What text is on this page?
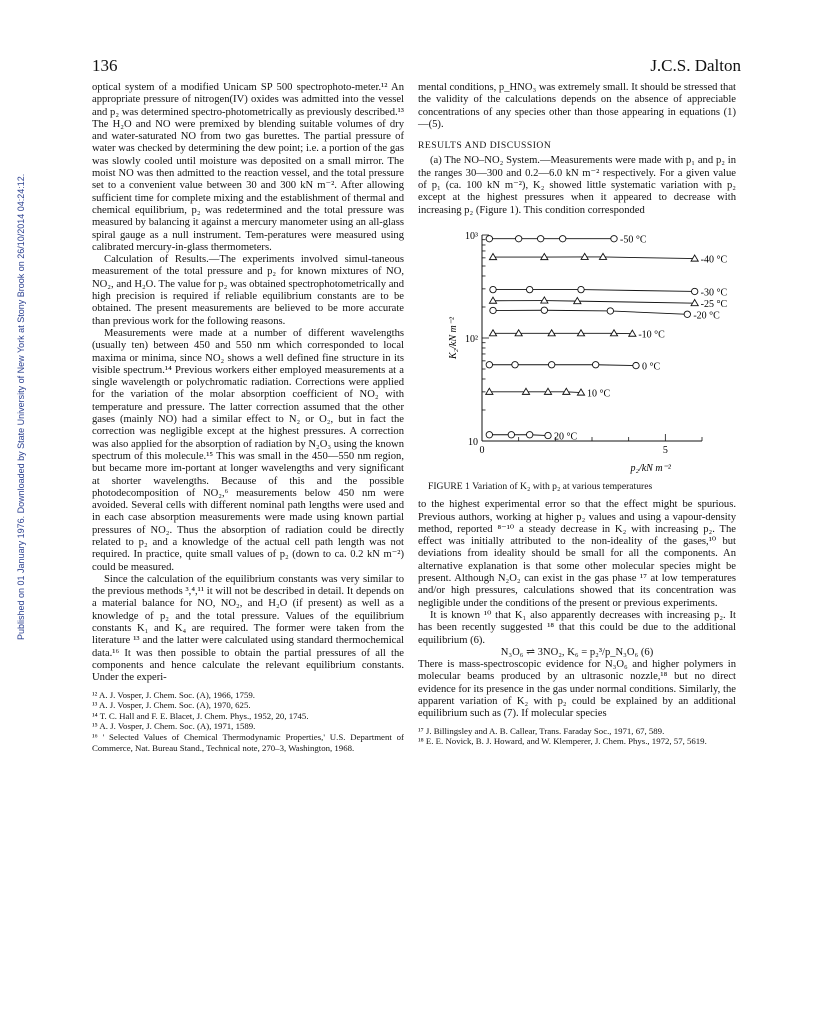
136	J.C.S. Dalton
Published on 01 January 1976. Downloaded by State University of New York at Stony Brook on 26/10/2014 04:24:12.

optical system of a modified Unicam SP 500 spectrophoto-meter.¹² An appropriate pressure of nitrogen(IV) oxides was admitted into the vessel and p₂ was determined spectro-photometrically as previously described.¹³ The H₂O and NO were premixed by blending suitable volumes of dry and water-saturated NO from two gas burettes. The partial pressure of water was checked by determining the dew point; i.e. a portion of the gas was slowly cooled until moisture was deposited on a small mirror. The moist NO was then admitted to the reaction vessel, and the total pressure set to a convenient value between 30 and 300 kN m⁻². After allowing sufficient time for complete mixing and the establishment of thermal and chemical equilibrium, p₂ was redetermined and the total pressure was measured by balancing it against a mercury manometer using an all-glass spiral gauge as a null instrument. Tem-peratures were measured using calibrated mercury-in-glass thermometers.

Calculation of Results.—The experiments involved simul-taneous measurement of the total pressure and p₂ for known mixtures of NO, NO₂, and H₂O. The value for p₂ was obtained spectrophotometrically and high precision is required if reliable equilibrium constants are to be obtained. The present measurements are believed to be more accurate than previous work for the following reasons.

Measurements were made at a number of different wavelengths (usually ten) between 450 and 550 nm which corresponded to local maxima or minima, since NO₂ shows a well defined fine structure in its visible spectrum.¹⁴ Previous workers either employed measurements at a single wavelength or polychromatic radiation. Corrections were applied for the variation of the molar absorption coefficient of NO₂ with temperature and pressure. The latter correction assumed that the other gases (mainly NO) had a similar effect to N₂ or O₂, but in fact the correction was negligible except at the highest pressures. A correction was also applied for the absorption of radiation by N₂O₃ using the known spectrum of this molecule.¹⁵ This was small in the 450—550 nm region, but became more im-portant at longer wavelengths and very significant at shorter wavelengths. Because of this and the possible photodecomposition of NO₂,⁶ measurements below 450 nm were avoided. Several cells with different nominal path lengths were used and in each case absorption measurements were made using known partial pressures of NO₂. Thus the absorption of radiation could be directly related to p₂ and a knowledge of the actual cell path length was not required. In practice, quite small values of p₂ (down to ca. 0.2 kN m⁻²) could be measured.

Since the calculation of the equilibrium constants was very similar to the previous methods ³,⁴,¹¹ it will not be described in detail. It depends on a material balance for NO, NO₂, and H₂O (if present) as well as a knowledge of p₂ and the total pressure. Values of the equilibrium constants K₁ and K₄ are required. The former were taken from the literature ¹³ and the latter were calculated using standard thermochemical data.¹⁶ It was then possible to obtain the partial pressures of all the components and hence calculate the relevant equilibrium constants. Under the experi-

¹² A. J. Vosper, J. Chem. Soc. (A), 1966, 1759.

¹³ A. J. Vosper, J. Chem. Soc. (A), 1970, 625.

¹⁴ T. C. Hall and F. E. Blacet, J. Chem. Phys., 1952, 20, 1745.

¹⁵ A. J. Vosper, J. Chem. Soc. (A), 1971, 1589.

¹⁶ ' Selected Values of Chemical Thermodynamic Properties,' U.S. Department of Commerce, Nat. Bureau Stand., Technical note, 270–3, Washington, 1968.

mental conditions, p_HNO₃ was extremely small. It should be stressed that the validity of the calculations depends on the absence of appreciable concentrations of any species other than those appearing in equations (1)—(5).

RESULTS AND DISCUSSION

(a) The NO–NO₂ System.—Measurements were made with p₁ and p₂ in the ranges 30—300 and 0.2—6.0 kN m⁻² respectively. For a given value of p₁ (ca. 100 kN m⁻²), K₂ showed little systematic variation with p₂ except at the highest pressures when it appeared to decrease with increasing p₂ (Figure 1). This condition corresponded

10
10²
10³
0	5
K₂/kN m⁻²
p₂/kN m⁻²
-50 °C
-40 °C
-30 °C
-25 °C
-20 °C
-10 °C
0 °C
10 °C
20 °C

FIGURE 1 Variation of K₂ with p₂ at various temperatures

to the highest experimental error so that the effect might be spurious. Previous authors, working at higher p₂ values and using a vapour-density method, reported ⁸⁻¹⁰ a steady decrease in K₂ with increasing p₂. The effect was initially attributed to the non-ideality of the gases,¹⁰ but deviations from ideality should be small for all the components. An alternative explanation is that some other molecular species might be present. Although N₂O₂ can exist in the gas phase ¹⁷ at low temperatures and/or high pressures, calculations showed that its concentration was negligible under the conditions of the present or previous experiments.

It is known ¹⁰ that K₁ also apparently decreases with increasing p₂. It has been recently suggested ¹⁸ that this could be due to the additional equilibrium (6).

N₃O₆ ⇌ 3NO₂, K₆ = p₂³/p_N₃O₆ (6)

There is mass-spectroscopic evidence for N₃O₆ and higher polymers in molecular beams produced by an ultrasonic nozzle,¹⁸ but no direct evidence for its presence in the gas under normal conditions. Similarly, the apparent variation of K₂ with p₂ could be explained by an additional equilibrium such as (7). If molecular species

¹⁷ J. Billingsley and A. B. Callear, Trans. Faraday Soc., 1971, 67, 589.

¹⁸ E. E. Novick, B. J. Howard, and W. Klemperer, J. Chem. Phys., 1972, 57, 5619.
